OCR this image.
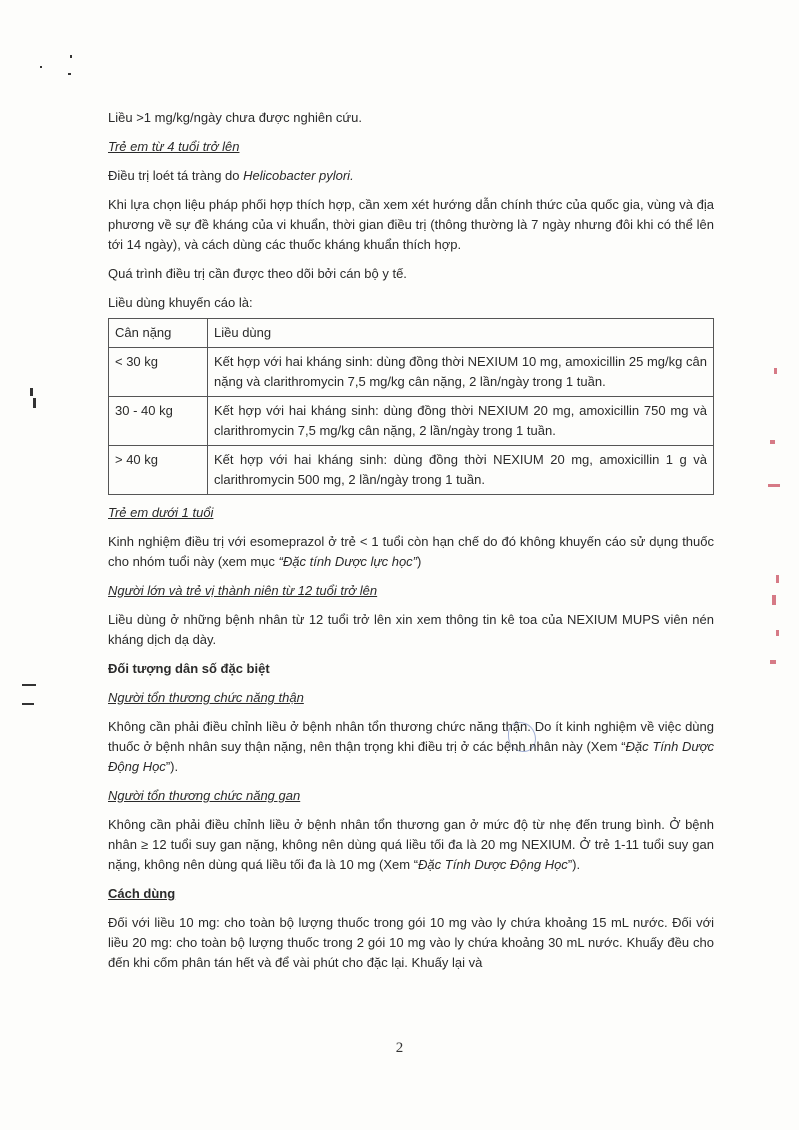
Liều >1 mg/kg/ngày chưa được nghiên cứu.

Trẻ em từ 4 tuổi trở lên

Điều trị loét tá tràng do Helicobacter pylori.

Khi lựa chọn liệu pháp phối hợp thích hợp, cần xem xét hướng dẫn chính thức của quốc gia, vùng và địa phương về sự đề kháng của vi khuẩn, thời gian điều trị (thông thường là 7 ngày nhưng đôi khi có thể lên tới 14 ngày), và cách dùng các thuốc kháng khuẩn thích hợp.

Quá trình điều trị cần được theo dõi bởi cán bộ y tế.

Liều dùng khuyến cáo là:

Cân nặng	Liều dùng
< 30 kg	Kết hợp với hai kháng sinh: dùng đồng thời NEXIUM 10 mg, amoxicillin 25 mg/kg cân nặng và clarithromycin 7,5 mg/kg cân nặng, 2 lần/ngày trong 1 tuần.
30 - 40 kg	Kết hợp với hai kháng sinh: dùng đồng thời NEXIUM 20 mg, amoxicillin 750 mg và clarithromycin 7,5 mg/kg cân nặng, 2 lần/ngày trong 1 tuần.
> 40 kg	Kết hợp với hai kháng sinh: dùng đồng thời NEXIUM 20 mg, amoxicillin 1 g và clarithromycin 500 mg, 2 lần/ngày trong 1 tuần.
Trẻ em dưới 1 tuổi

Kinh nghiệm điều trị với esomeprazol ở trẻ < 1 tuổi còn hạn chế do đó không khuyến cáo sử dụng thuốc cho nhóm tuổi này (xem mục “Đặc tính Dược lực học”)

Người lớn và trẻ vị thành niên từ 12 tuổi trở lên

Liều dùng ở những bệnh nhân từ 12 tuổi trở lên xin xem thông tin kê toa của NEXIUM MUPS viên nén kháng dịch dạ dày.

Đối tượng dân số đặc biệt
Người tổn thương chức năng thận

Không cần phải điều chỉnh liều ở bệnh nhân tổn thương chức năng thận. Do ít kinh nghiệm về việc dùng thuốc ở bệnh nhân suy thận nặng, nên thận trọng khi điều trị ở các bệnh nhân này (Xem “Đặc Tính Dược Động Học”).

Người tổn thương chức năng gan

Không cần phải điều chỉnh liều ở bệnh nhân tổn thương gan ở mức độ từ nhẹ đến trung bình. Ở bệnh nhân ≥ 12 tuổi suy gan nặng, không nên dùng quá liều tối đa là 20 mg NEXIUM. Ở trẻ 1-11 tuổi suy gan nặng, không nên dùng quá liều tối đa là 10 mg (Xem “Đặc Tính Dược Động Học”).

Cách dùng

Đối với liều 10 mg: cho toàn bộ lượng thuốc trong gói 10 mg vào ly chứa khoảng 15 mL nước. Đối với liều 20 mg: cho toàn bộ lượng thuốc trong 2 gói 10 mg vào ly chứa khoảng 30 mL nước. Khuấy đều cho đến khi cốm phân tán hết và để vài phút cho đặc lại. Khuấy lại và

2
